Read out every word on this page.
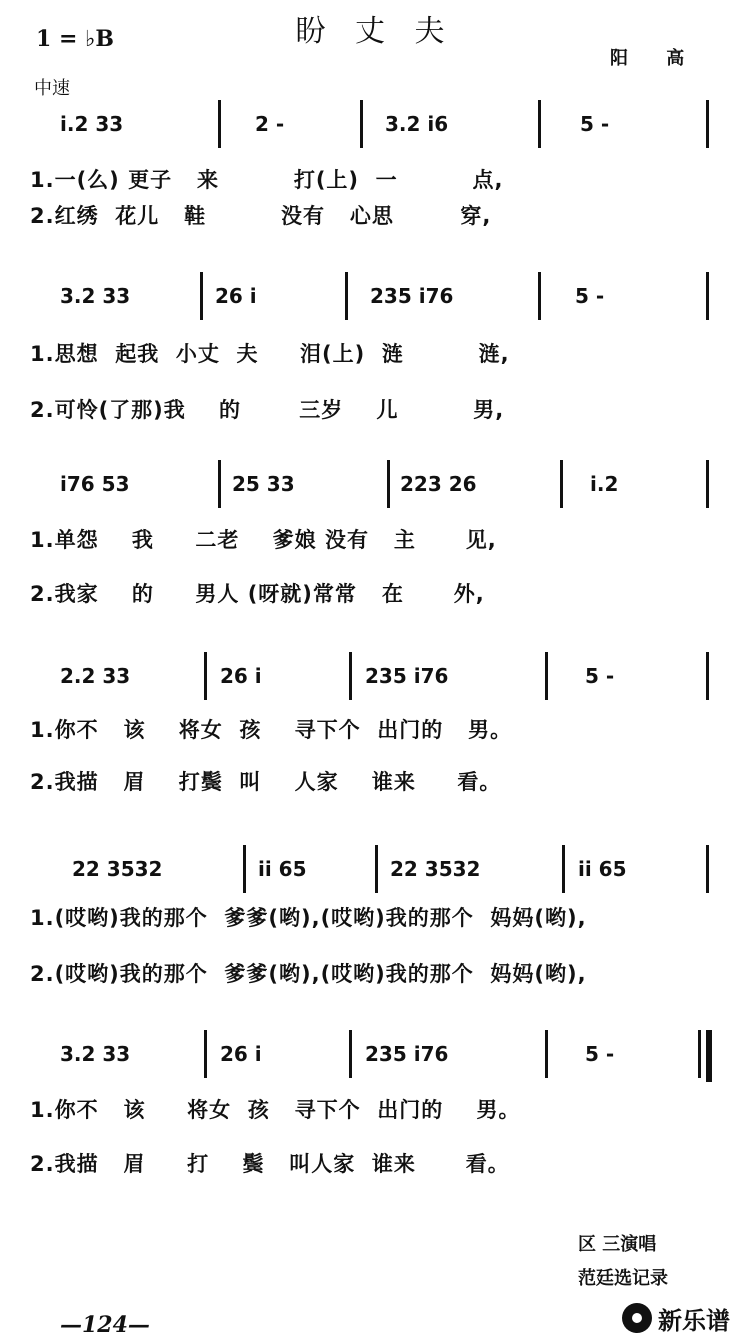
1 = ♭B	盼 丈 夫
阳 高
中速
i.2 33	2 -	3.2 i6	5 -
1.一(么) 更子   来         打(上)  一         点,
2.红绣  花儿   鞋         没有   心思        穿,
3.2 33	26 i	235 i76	5 -
1.思想  起我  小丈  夫     泪(上)  涟         涟,
2.可怜(了那)我    的       三岁    儿         男,
i76 53	25 33	223 26	i.2
1.单怨    我     二老    爹娘 没有   主      见,
2.我家    的     男人 (呀就)常常   在      外,
2.2 33	26 i	235 i76	5 -
1.你不   该    将女  孩    寻下个  出门的   男。
2.我描   眉    打鬓  叫    人家    谁来     看。
22 3532	ii 65	22 3532	ii 65
1.(哎哟)我的那个  爹爹(哟),(哎哟)我的那个  妈妈(哟),
2.(哎哟)我的那个  爹爹(哟),(哎哟)我的那个  妈妈(哟),
3.2 33	26 i	235 i76	5 -
1.你不   该     将女  孩   寻下个  出门的    男。
2.我描   眉     打    鬓   叫人家  谁来      看。
区 三演唱
范廷选记录
—124—	新乐谱
